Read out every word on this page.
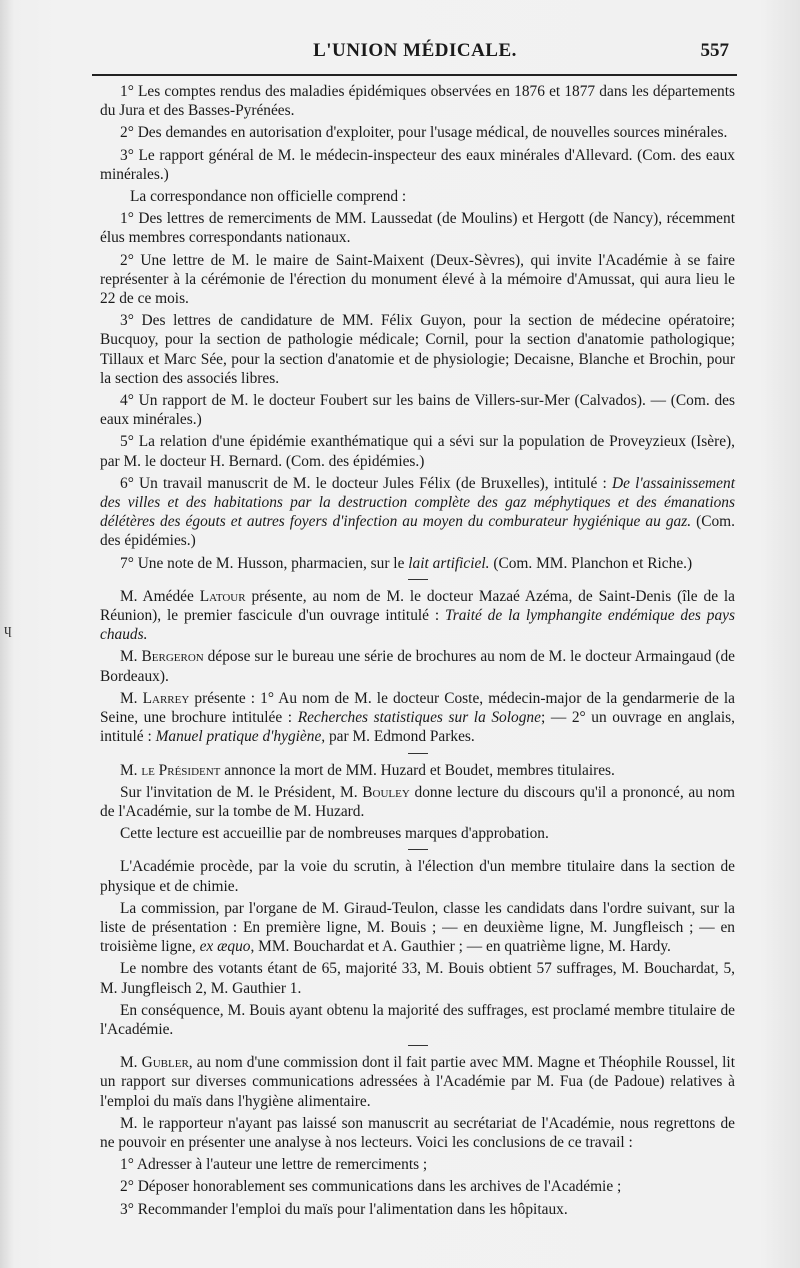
L'UNION MÉDICALE.	557
ɥ

1° Les comptes rendus des maladies épidémiques observées en 1876 et 1877 dans les départements du Jura et des Basses-Pyrénées.

2° Des demandes en autorisation d'exploiter, pour l'usage médical, de nouvelles sources minérales.

3° Le rapport général de M. le médecin-inspecteur des eaux minérales d'Allevard. (Com. des eaux minérales.)

La correspondance non officielle comprend :

1° Des lettres de remerciments de MM. Laussedat (de Moulins) et Hergott (de Nancy), récemment élus membres correspondants nationaux.

2° Une lettre de M. le maire de Saint-Maixent (Deux-Sèvres), qui invite l'Académie à se faire représenter à la cérémonie de l'érection du monument élevé à la mémoire d'Amussat, qui aura lieu le 22 de ce mois.

3° Des lettres de candidature de MM. Félix Guyon, pour la section de médecine opératoire; Bucquoy, pour la section de pathologie médicale; Cornil, pour la section d'anatomie pathologique; Tillaux et Marc Sée, pour la section d'anatomie et de physiologie; Decaisne, Blanche et Brochin, pour la section des associés libres.

4° Un rapport de M. le docteur Foubert sur les bains de Villers-sur-Mer (Calvados). — (Com. des eaux minérales.)

5° La relation d'une épidémie exanthématique qui a sévi sur la population de Proveyzieux (Isère), par M. le docteur H. Bernard. (Com. des épidémies.)

6° Un travail manuscrit de M. le docteur Jules Félix (de Bruxelles), intitulé : De l'assainissement des villes et des habitations par la destruction complète des gaz méphytiques et des émanations délétères des égouts et autres foyers d'infection au moyen du comburateur hygiénique au gaz. (Com. des épidémies.)

7° Une note de M. Husson, pharmacien, sur le lait artificiel. (Com. MM. Planchon et Riche.)

M. Amédée Latour présente, au nom de M. le docteur Mazaé Azéma, de Saint-Denis (île de la Réunion), le premier fascicule d'un ouvrage intitulé : Traité de la lymphangite endémique des pays chauds.

M. Bergeron dépose sur le bureau une série de brochures au nom de M. le docteur Armaingaud (de Bordeaux).

M. Larrey présente : 1° Au nom de M. le docteur Coste, médecin-major de la gendarmerie de la Seine, une brochure intitulée : Recherches statistiques sur la Sologne; — 2° un ouvrage en anglais, intitulé : Manuel pratique d'hygiène, par M. Edmond Parkes.

M. le Président annonce la mort de MM. Huzard et Boudet, membres titulaires.

Sur l'invitation de M. le Président, M. Bouley donne lecture du discours qu'il a prononcé, au nom de l'Académie, sur la tombe de M. Huzard.

Cette lecture est accueillie par de nombreuses marques d'approbation.

L'Académie procède, par la voie du scrutin, à l'élection d'un membre titulaire dans la section de physique et de chimie.

La commission, par l'organe de M. Giraud-Teulon, classe les candidats dans l'ordre suivant, sur la liste de présentation : En première ligne, M. Bouis ; — en deuxième ligne, M. Jungfleisch ; — en troisième ligne, ex æquo, MM. Bouchardat et A. Gauthier ; — en quatrième ligne, M. Hardy.

Le nombre des votants étant de 65, majorité 33, M. Bouis obtient 57 suffrages, M. Bouchardat, 5, M. Jungfleisch 2, M. Gauthier 1.

En conséquence, M. Bouis ayant obtenu la majorité des suffrages, est proclamé membre titulaire de l'Académie.

M. Gubler, au nom d'une commission dont il fait partie avec MM. Magne et Théophile Roussel, lit un rapport sur diverses communications adressées à l'Académie par M. Fua (de Padoue) relatives à l'emploi du maïs dans l'hygiène alimentaire.

M. le rapporteur n'ayant pas laissé son manuscrit au secrétariat de l'Académie, nous regrettons de ne pouvoir en présenter une analyse à nos lecteurs. Voici les conclusions de ce travail :

1° Adresser à l'auteur une lettre de remerciments ;

2° Déposer honorablement ses communications dans les archives de l'Académie ;

3° Recommander l'emploi du maïs pour l'alimentation dans les hôpitaux.
